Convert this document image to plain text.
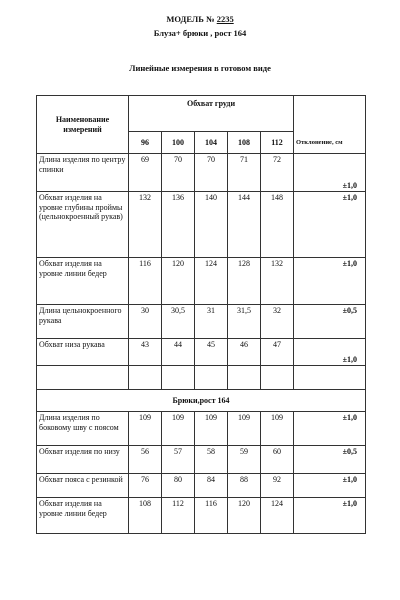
МОДЕЛЬ № 2235
Блуза+ брюки , рост 164
Линейные измерения в готовом виде
Наименование измерений	Обхват груди					Отклонение, см
	96	100	104	108	112	
Длина изделия по центру спинки	69	70	70	71	72	±1,0
Обхват изделия на уровне глубины проймы (цельнокроенный рукав)	132	136	140	144	148	±1,0
Обхват изделия на уровне линии бедер	116	120	124	128	132	±1,0
Длина цельнокроенного рукава	30	30,5	31	31,5	32	±0,5
Обхват низа рукава	43	44	45	46	47	±1,0

Брюки,рост 164						
Длина изделия по боковому шву с поясом	109	109	109	109	109	±1,0
Обхват изделия по низу	56	57	58	59	60	±0,5
Обхват пояса с резинкой	76	80	84	88	92	±1,0
Обхват изделия на уровне линии бедер	108	112	116	120	124	±1,0
